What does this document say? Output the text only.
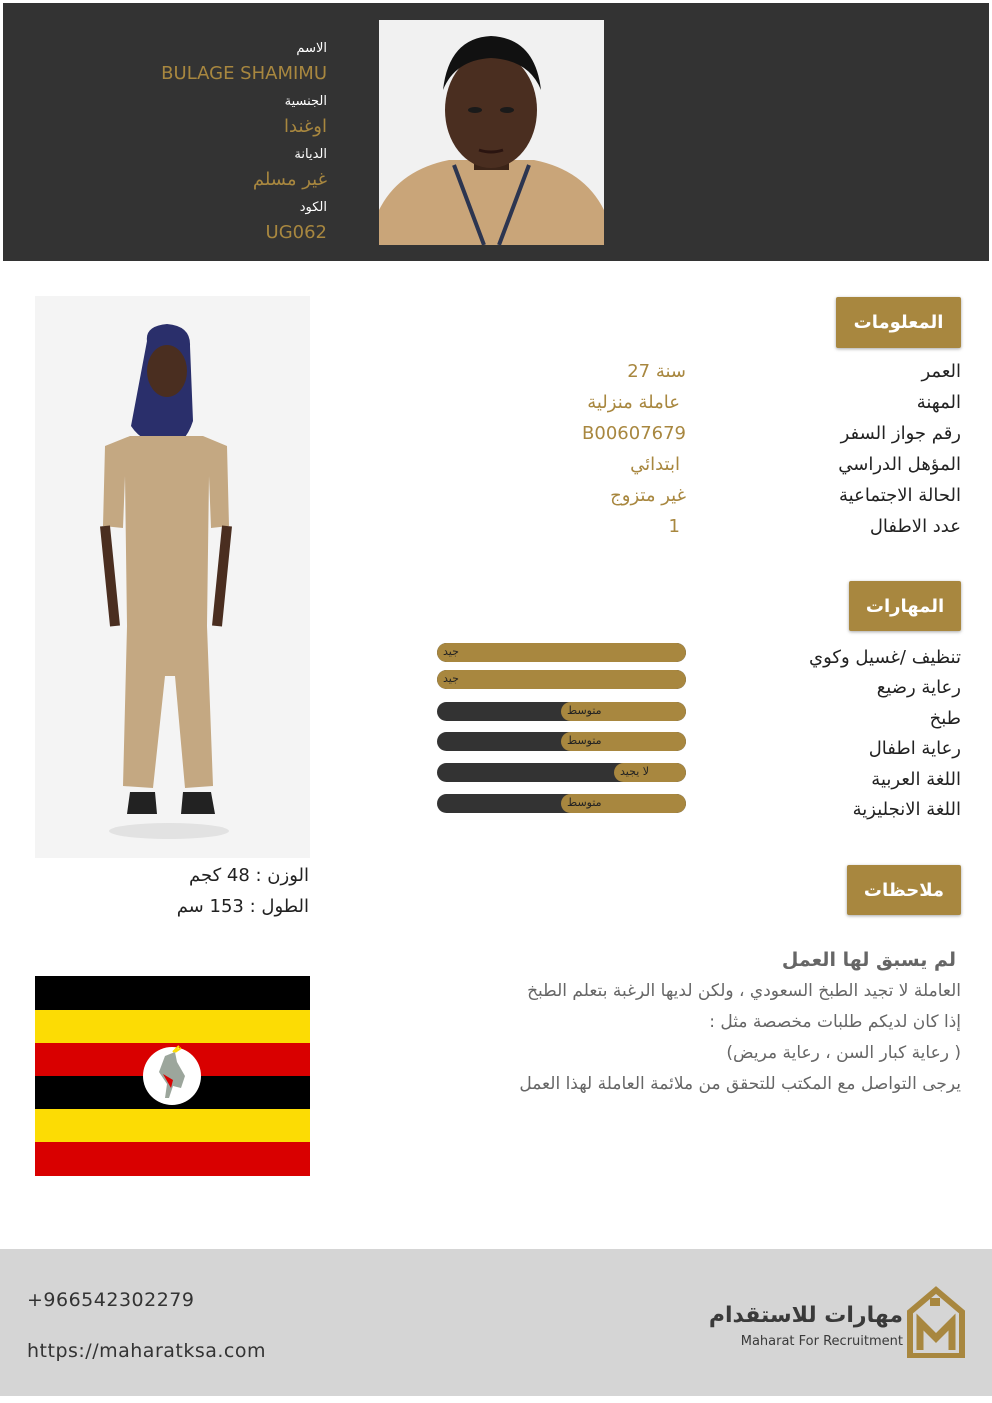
الاسم
BULAGE SHAMIMU
الجنسية
اوغندا
الديانة
غير مسلم
الكود
UG062
المعلومات
العمر
27 سنة
المهنة
عاملة منزلية
رقم جواز السفر
B00607679
المؤهل الدراسي
ابتدائي
الحالة الاجتماعية
غير متزوج
عدد الاطفال
1
المهارات
تنظيف /غسيل وكوي
رعاية رضيع
طبخ
رعاية اطفال
اللغة العربية
اللغة الانجليزية
جيد
جيد
متوسط
متوسط
لا يجيد
متوسط
ملاحظات
لم يسبق لها العمل
العاملة لا تجيد الطبخ السعودي ، ولكن لديها الرغبة بتعلم الطبخ
إذا كان لديكم طلبات مخصصة مثل :
( رعاية كبار السن ، رعاية مريض)
يرجى التواصل مع المكتب للتحقق من ملائمة العاملة لهذا العمل
الوزن : 48 كجم
الطول : 153 سم
+966542302279
https://maharatksa.com
مهارات للاستقدام
Maharat For Recruitment
